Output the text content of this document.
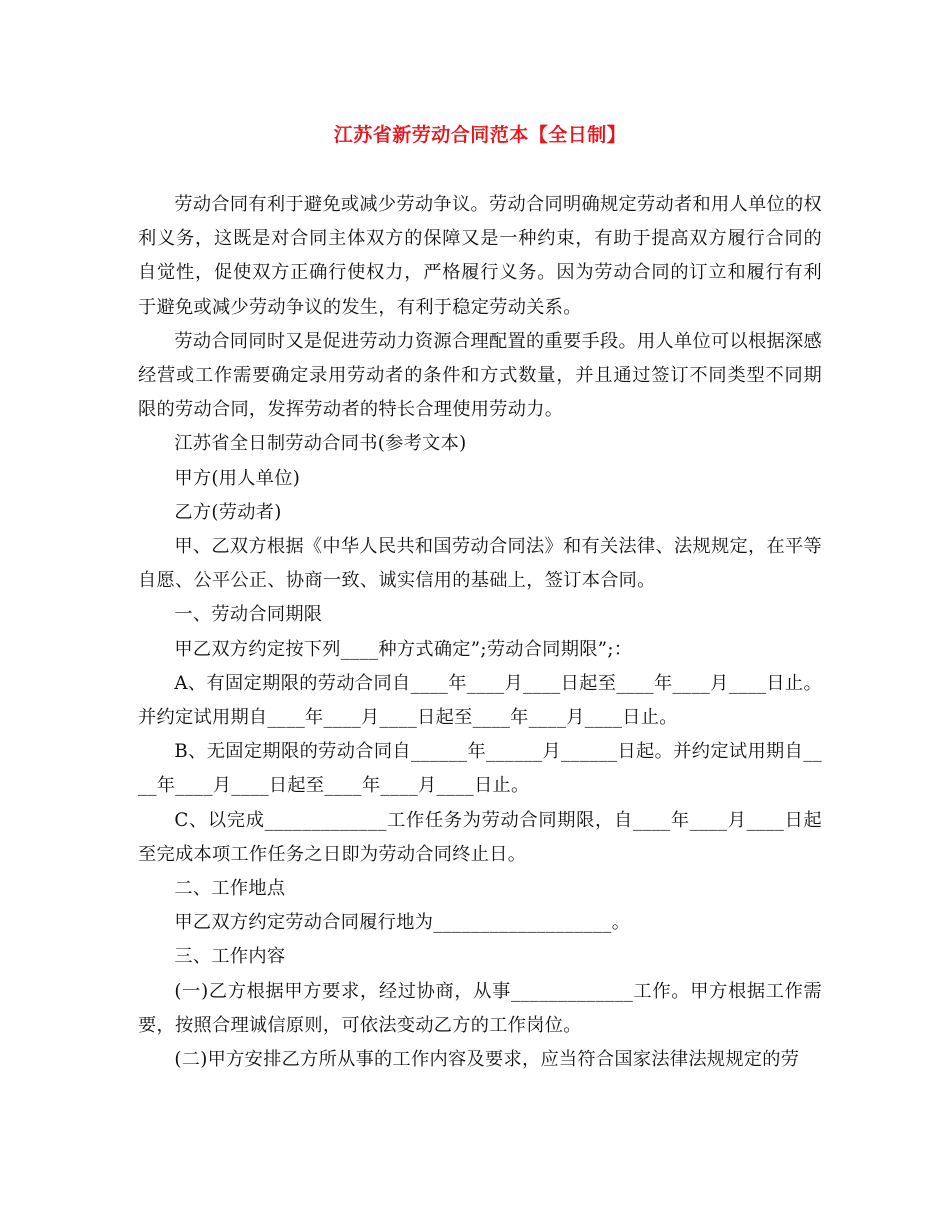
江苏省新劳动合同范本【全日制】

劳动合同有利于避免或减少劳动争议。劳动合同明确规定劳动者和用人单位的权利义务，这既是对合同主体双方的保障又是一种约束，有助于提高双方履行合同的自觉性，促使双方正确行使权力，严格履行义务。因为劳动合同的订立和履行有利于避免或减少劳动争议的发生，有利于稳定劳动关系。

劳动合同同时又是促进劳动力资源合理配置的重要手段。用人单位可以根据深感经营或工作需要确定录用劳动者的条件和方式数量，并且通过签订不同类型不同期限的劳动合同，发挥劳动者的特长合理使用劳动力。

江苏省全日制劳动合同书(参考文本)

甲方(用人单位)

乙方(劳动者)

甲、乙双方根据《中华人民共和国劳动合同法》和有关法律、法规规定，在平等自愿、公平公正、协商一致、诚实信用的基础上，签订本合同。

一、劳动合同期限

甲乙双方约定按下列____种方式确定”;劳动合同期限”;：

A、有固定期限的劳动合同自____年____月____日起至____年____月____日止。并约定试用期自____年____月____日起至____年____月____日止。

B、无固定期限的劳动合同自______年______月______日起。并约定试用期自____年____月____日起至____年____月____日止。

C、以完成_____________工作任务为劳动合同期限，自____年____月____日起至完成本项工作任务之日即为劳动合同终止日。

二、工作地点

甲乙双方约定劳动合同履行地为___________________。

三、工作内容

(一)乙方根据甲方要求，经过协商，从事_____________工作。甲方根据工作需要，按照合理诚信原则，可依法变动乙方的工作岗位。

(二)甲方安排乙方所从事的工作内容及要求，应当符合国家法律法规规定的劳
